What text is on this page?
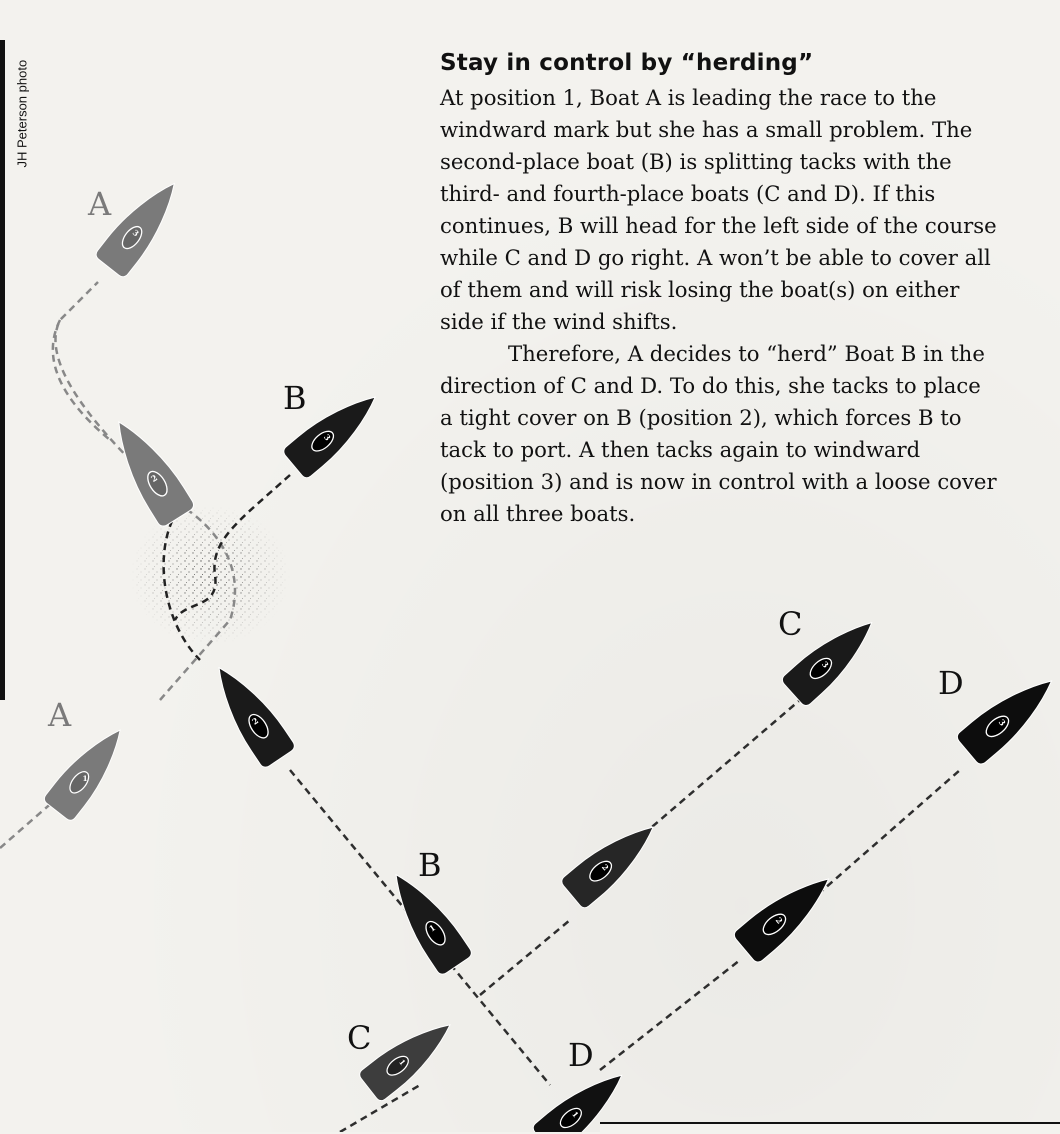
JH Peterson photo
A
A
B
B
C
C
D
D
1
2
3
1
2
3
1
2
3
1
2
3
Stay in control by “herding”

At position 1, Boat A is leading the race to the windward mark but she has a small problem. The second-place boat (B) is splitting tacks with the third- and fourth-place boats (C and D). If this continues, B will head for the left side of the course while C and D go right. A won’t be able to cover all of them and will risk losing the boat(s) on either side if the wind shifts.

Therefore, A decides to “herd” Boat B in the direction of C and D. To do this, she tacks to place a tight cover on B (position 2), which forces B to tack to port. A then tacks again to windward (position 3) and is now in control with a loose cover on all three boats.
